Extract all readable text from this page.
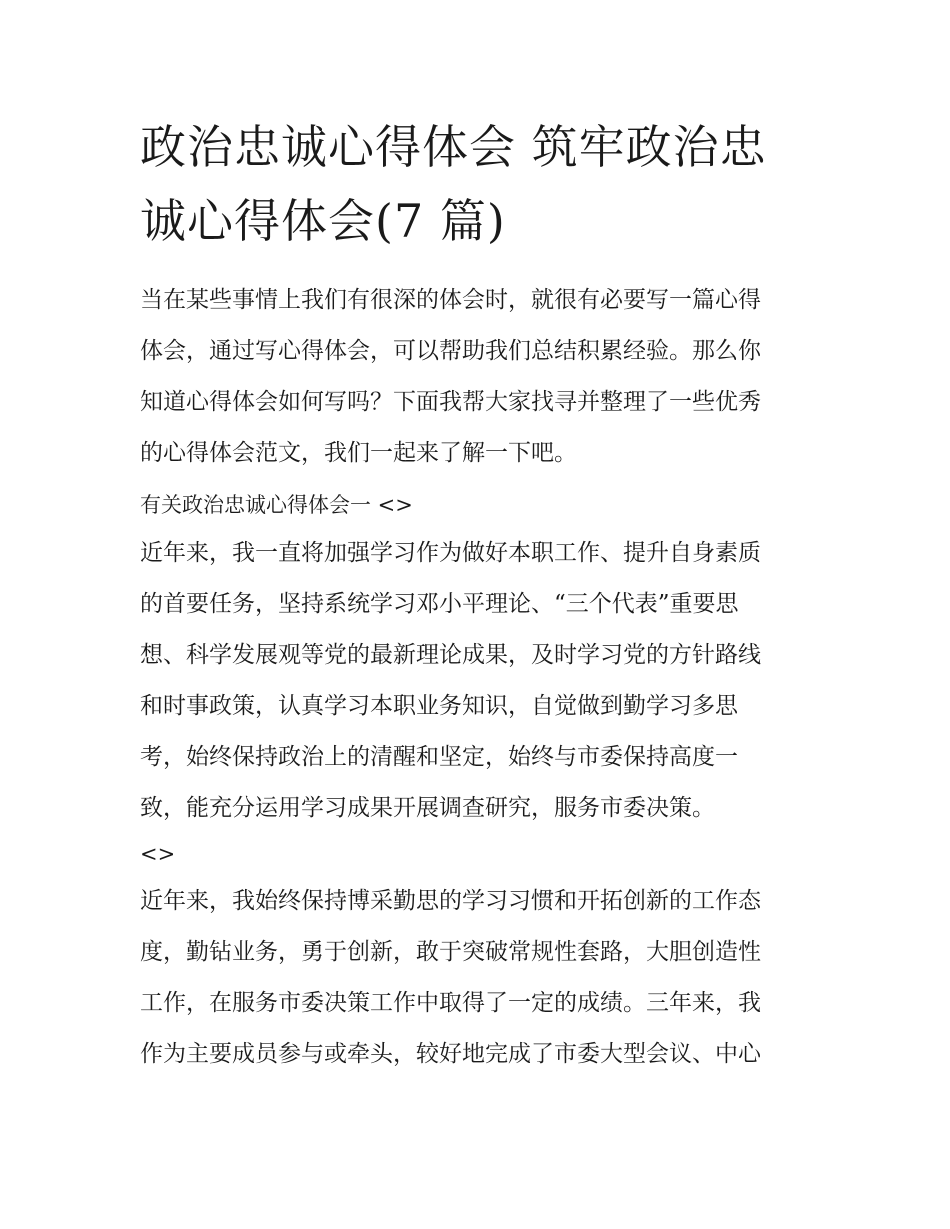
政治忠诚心得体会 筑牢政治忠
诚心得体会(7 篇)

当在某些事情上我们有很深的体会时，就很有必要写一篇心得

体会，通过写心得体会，可以帮助我们总结积累经验。那么你

知道心得体会如何写吗？下面我帮大家找寻并整理了一些优秀

的心得体会范文，我们一起来了解一下吧。

有关政治忠诚心得体会一 <>

近年来，我一直将加强学习作为做好本职工作、提升自身素质

的首要任务，坚持系统学习邓小平理论、“三个代表”重要思

想、科学发展观等党的最新理论成果，及时学习党的方针路线

和时事政策，认真学习本职业务知识，自觉做到勤学习多思

考，始终保持政治上的清醒和坚定，始终与市委保持高度一

致，能充分运用学习成果开展调查研究，服务市委决策。

<>

近年来，我始终保持博采勤思的学习习惯和开拓创新的工作态

度，勤钻业务，勇于创新，敢于突破常规性套路，大胆创造性

工作，在服务市委决策工作中取得了一定的成绩。三年来，我

作为主要成员参与或牵头，较好地完成了市委大型会议、中心
